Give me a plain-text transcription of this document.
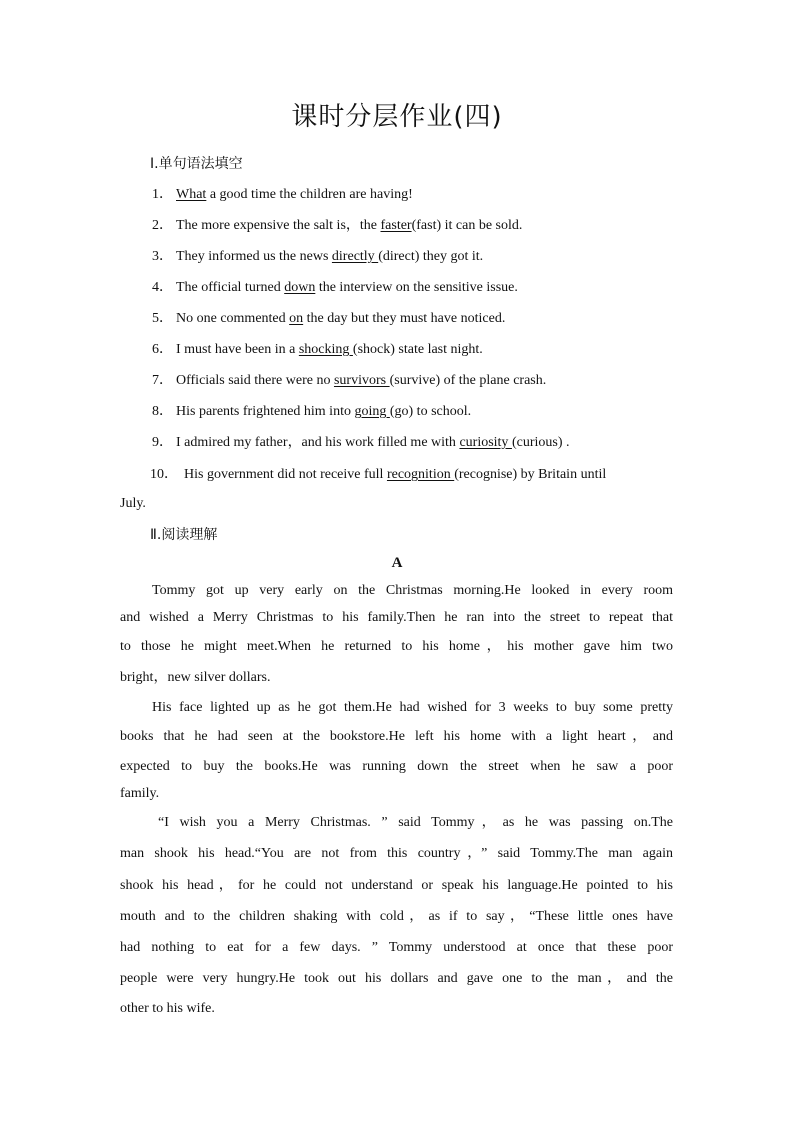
课时分层作业(四)
Ⅰ.单句语法填空
1． What a good time the children are having!
2． The more expensive the salt is，the faster(fast) it can be sold.
3． They informed us the news directly (direct) they got it.
4． The official turned down the interview on the sensitive issue.
5． No one commented on the day but they must have noticed.
6． I must have been in a shocking (shock) state last night.
7． Officials said there were no survivors (survive) of the plane crash.
8． His parents frightened him into going (go) to school.
9． I admired my father，and his work filled me with curiosity (curious) .
10． His government did not receive full recognition (recognise) by Britain until
July.
Ⅱ.阅读理解
A
Tommy got up very early on the Christmas morning.He looked in every room
and wished a Merry Christmas to his family.Then he ran into the street to repeat that
to those he might meet.When he returned to his home，his mother gave him two
bright，new silver dollars.
His face lighted up as he got them.He had wished for 3 weeks to buy some pretty
books that he had seen at the bookstore.He left his home with a light heart，and
expected to buy the books.He was running down the street when he saw a poor
family.
“I wish you a Merry Christmas. ” said Tommy，as he was passing on.The
man shook his head.“You are not from this country，” said Tommy.The man again
shook his head，for he could not understand or speak his language.He pointed to his
mouth and to the children shaking with cold，as if to say，“These little ones have
had nothing to eat for a few days. ” Tommy understood at once that these poor
people were very hungry.He took out his dollars and gave one to the man，and the
other to his wife.
